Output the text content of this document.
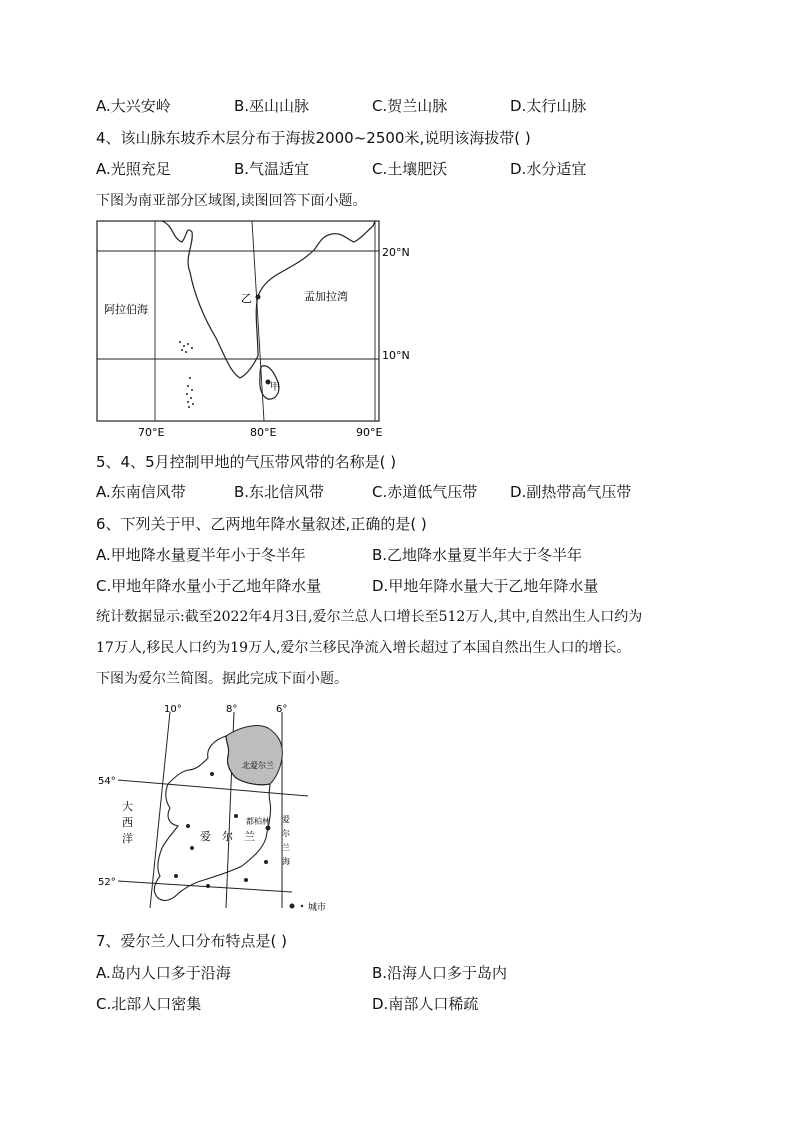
A.大兴安岭	B.巫山山脉	C.贺兰山脉	D.太行山脉
4、该山脉东坡乔木层分布于海拔2000~2500米,说明该海拔带( )
A.光照充足	B.气温适宜	C.土壤肥沃	D.水分适宜
下图为南亚部分区域图,读图回答下面小题。
乙
甲
阿拉伯海
孟加拉湾
20°N
10°N
70°E	80°E	90°E
5、4、5月控制甲地的气压带风带的名称是( )
A.东南信风带	B.东北信风带	C.赤道低气压带 D.副热带高气压带
6、下列关于甲、乙两地年降水量叙述,正确的是( )
A.甲地降水量夏半年小于冬半年	B.乙地降水量夏半年大于冬半年
C.甲地年降水量小于乙地年降水量	D.甲地年降水量大于乙地年降水量
统计数据显示:截至2022年4月3日,爱尔兰总人口增长至512万人,其中,自然出生人口约为
17万人,移民人口约为19万人,爱尔兰移民净流入增长超过了本国自然出生人口的增长。
下图为爱尔兰简图。据此完成下面小题。
10°	8°	6°
54°
52°
大
西
洋	爱 尔 兰
北爱尔兰
都柏林 爱
尔
兰
海
城市
7、爱尔兰人口分布特点是( )
A.岛内人口多于沿海	B.沿海人口多于岛内
C.北部人口密集	D.南部人口稀疏
